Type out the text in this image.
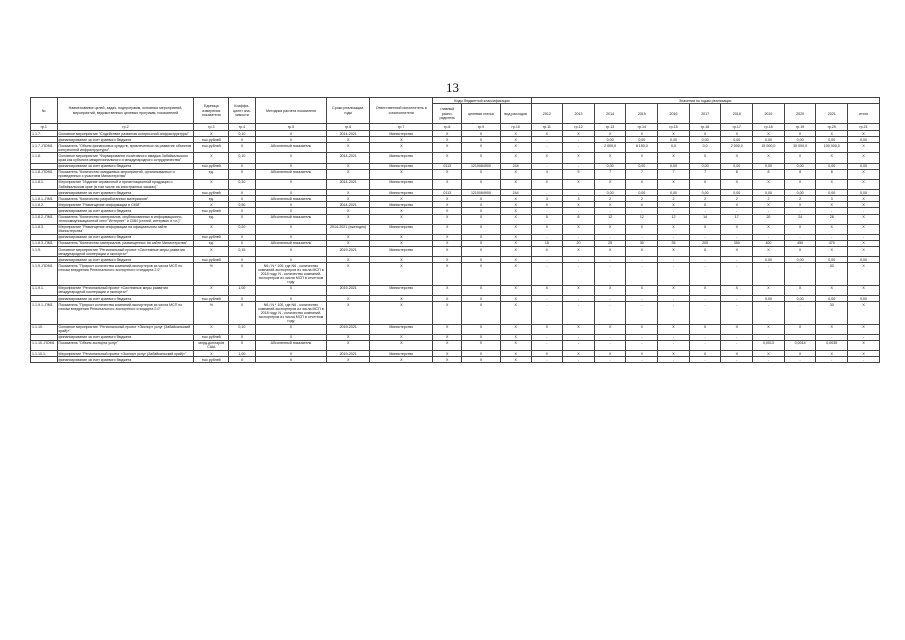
13
№	Наименование целей, задач, подпрограмм, основных мероприятий, мероприятий, ведомственных целевых программ, показателей	Единица измерения показателя	Коэффи-циент зна-чимости	Методика расчета показателя	Сроки реализации, годы	Ответственный исполнитель и соисполнители	Коды бюджетной классификации			Значения по годам реализации										
							главный распо-рядитель	целевая статья	вид расходов	2012	2013	2014	2015	2016	2017	2018	2019	2020	2021	итого
гр.1	гр.2	гр.3	гр.4	гр.5	гр.6	гр.7	гр.8	гр.9	гр.10	гр.11	гр.12	гр.13	гр.14	гр.15	гр.16	гр.17	гр.18	гр.19	гр.20	гр.21
1.1.7.	Основное мероприятие "Содействие развитию конгрессной инфраструктуры"	X	0,10	X	2014-2021	Министерство	X	X	X	X	X	X	X	X	X	X	X	X	X	X
	финансирование за счет краевого бюджета	тыс.рублей	X	X	X	X	X	X	X	-	-	0,00	0,00	0,00	0,00	0,00	0,00	0,00	0,00	0,00
1.1.7.-ПОМ1	Показатель "Объем финансовых средств, привлеченных на развитие объектов конгрессной инфраструктуры"	тыс.рублей	X	Абсолютный показатель	X	X	X	X	X	-	-	2 000,0	8 150,0	0,0	0,0	2 000,0	15 000,0	30 000,0	100 000,0	X
1.1.8.	Основное мероприятие "Формирование позитивного имиджа Забайкальского края как субъекта межрегионального и международного сотрудничества"	X	0,10	X	2014-2021	Министерство	X	X	X	X	X	X	X	X	X	X	X	X	X	X
	финансирование за счет краевого бюджета	тыс.рублей	X	X	X	Министерство	0113	1210084900	244	-	-	0,00	0,00	0,00	0,00	0,00	0,00	0,00	0,00	0,00
1.1.8.-ПОМ1	Показатель "Количество имиджевых мероприятий, организованных и проведенных с участием Министерства"	ед.	X	Абсолютный показатель	X	X	X	X	X	4	5	7	7	7	7	8	8	8	8	X
1.1.8.1.	Мероприятие "Издание справочной и презентационной продукции о Забайкальском крае (в том числе на иностранных языках)"	X	0,30	X	2014-2021	Министерство	X	X	X	X	X	X	X	X	X	X	X	X	X	X
	финансирование за счет краевого бюджета	тыс.рублей	X	X	X	Министерство	0113	1210084900	244	-	-	0,00	0,00	0,00	0,00	0,00	0,00	0,00	0,00	0,00
1.1.8.1.-ПМ1	Показатель "Количество разработанных материалов"	ед.	X	Абсолютный показатель	X	X	X	X	X	3	3	2	2	2	2	2	2	2	3	X
1.1.8.2.	Мероприятие "Размещение информации в СМИ"	X	0,50	X	2014-2021	Министерство	X	X	X	X	X	X	X	X	X	X	X	X	X	X
	финансирование за счет краевого бюджета	тыс.рублей	X	X	X	X	X	X	X	-	-	-	-	-	-	-	-	-	-	-
1.1.8.2.-ПМ1	Показатель "Количество материалов, опубликованных в информационно-телекоммуникационной сети "Интернет" и СМИ (статей, интервью и т.п.)"	ед.	X	Абсолютный показатель	X	X	X	X	X	5	8	12	12	12	14	17	20	24	28	X
1.1.8.3.	Мероприятие "Размещение информации на официальном сайте Министерства"	X	0,20	X	2014-2021 (ежегодно)	Министерство	X	X	X	X	X	X	X	X	X	X	X	X	X	X
	финансирование за счет краевого бюджета	тыс.рублей	X	X	X	X	X	X	X	-	-	-	-	-	-	-	-	-	-	-
1.1.8.3.-ПМ1	Показатель "Количество материалов, размещенных на сайте Министерства"	ед.	X	Абсолютный показатель	X	X	X	X	X	15	20	25	30	35	200	350	400	450	470	X
1.1.9.	Основное мероприятие "Региональный проект «Системные меры развития международной кооперации и экспорта»"	X	0,15	X	2019-2021	Министерство	X	X	X	X	X	X	X	X	X	X	X	X	X	X
	финансирование за счет краевого бюджета	тыс.рублей	X	X	X	X	X	X	X	-	-	-	-	-	-	-	0,00	0,00	0,00	0,00
1.1.9.-ПОМ1	Показатель "Прирост количества компаний-экспортеров из числа МСП по итогам внедрения Регионального экспортного стандарта 2.0"	%	X	N6 / N * 100, где N6 - количество компаний-экспортеров из числа МСП в 2018 году, N - количество компаний-экспортеров из числа МСП в отчетном году	X	X	X	X	X	-	-	-	-	-	-	-	-	-	30	X
1.1.9.1.	Мероприятие "Региональный проект «Системные меры развития международной кооперации и экспорта»"	X	1,00	X	2019-2021	Министерство	X	X	X	X	X	X	X	X	X	X	X	X	X	X
	финансирование за счет краевого бюджета	тыс.рублей	X	X	X	X	X	X	X	-	-	-	-	-	-	-	0,00	0,00	0,00	0,00
1.1.9.1.-ПМ1	Показатель "Прирост количества компаний-экспортеров из числа МСП по итогам внедрения Регионального экспортного стандарта 2.0"	%	X	N6 / N * 100, где N6 - количество компаний-экспортеров из числа МСП в 2018 году, N - количество компаний-экспортеров из числа МСП в отчетном году	X	X	X	X	X	-	-	-	-	-	-	-	-	-	30	X
1.1.10.	Основное мероприятие "Региональный проект «Экспорт услуг (Забайкальский край)»"	X	0,10	X	2019-2021	Министерство	X	X	X	X	X	X	X	X	X	X	X	X	X	X
	финансирование за счет краевого бюджета	тыс.рублей	X	X	X	X	X	X	X	-	-	-	-	-	-	-	-	-	-	-
1.1.10.-ПОМ1	Показатель "Объем экспорта услуг"	млрд.долларов США	X	Абсолютный показатель	X	X	X	X	X	-	-	-	-	-	-	-	0,0013	0,0014	0,0035	X
1.1.10.1.	Мероприятие "Региональный проект «Экспорт услуг (Забайкальский край)»"	X	1,00	X	2019-2021	Министерство	X	X	X	X	X	X	X	X	X	X	X	X	X	X
	финансирование за счет краевого бюджета	тыс.рублей	X	X	X	X	X	X	X	-	-	-	-	-	-	-	-	-	-	-
